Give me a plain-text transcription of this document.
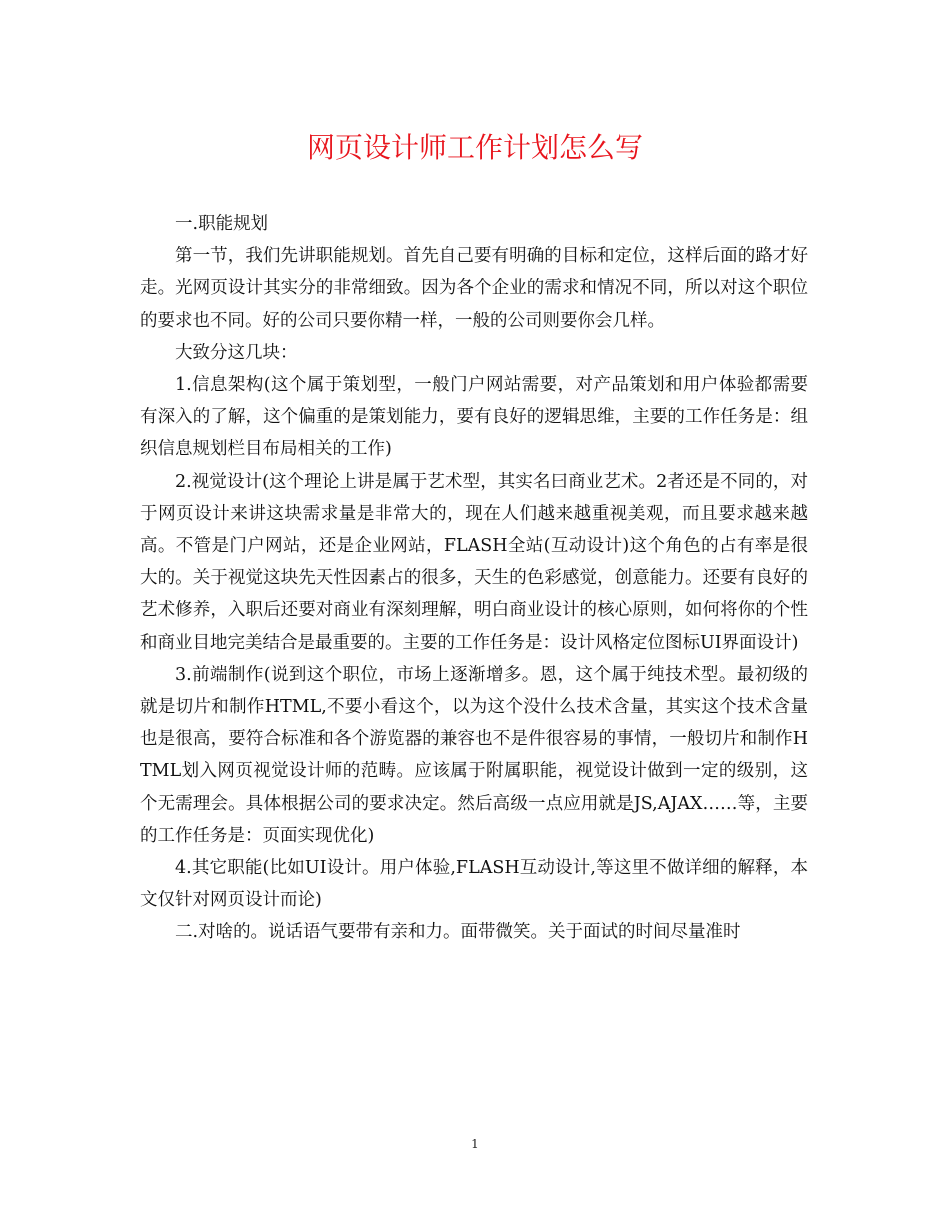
网页设计师工作计划怎么写

一.职能规划

第一节，我们先讲职能规划。首先自己要有明确的目标和定位，这样后面的路才好走。光网页设计其实分的非常细致。因为各个企业的需求和情况不同，所以对这个职位的要求也不同。好的公司只要你精一样，一般的公司则要你会几样。

大致分这几块：

1.信息架构(这个属于策划型，一般门户网站需要，对产品策划和用户体验都需要有深入的了解，这个偏重的是策划能力，要有良好的逻辑思维，主要的工作任务是：组织信息规划栏目布局相关的工作)

2.视觉设计(这个理论上讲是属于艺术型，其实名曰商业艺术。2者还是不同的，对于网页设计来讲这块需求量是非常大的，现在人们越来越重视美观，而且要求越来越高。不管是门户网站，还是企业网站，FLASH全站(互动设计)这个角色的占有率是很大的。关于视觉这块先天性因素占的很多，天生的色彩感觉，创意能力。还要有良好的艺术修养，入职后还要对商业有深刻理解，明白商业设计的核心原则，如何将你的个性和商业目地完美结合是最重要的。主要的工作任务是：设计风格定位图标UI界面设计)

3.前端制作(说到这个职位，市场上逐渐增多。恩，这个属于纯技术型。最初级的就是切片和制作HTML,不要小看这个，以为这个没什么技术含量，其实这个技术含量也是很高，要符合标准和各个游览器的兼容也不是件很容易的事情，一般切片和制作HTML划入网页视觉设计师的范畴。应该属于附属职能，视觉设计做到一定的级别，这个无需理会。具体根据公司的要求决定。然后高级一点应用就是JS,AJAX……等，主要的工作任务是：页面实现优化)

4.其它职能(比如UI设计。用户体验,FLASH互动设计,等这里不做详细的解释，本文仅针对网页设计而论)

二.对啥的。说话语气要带有亲和力。面带微笑。关于面试的时间尽量准时

1
